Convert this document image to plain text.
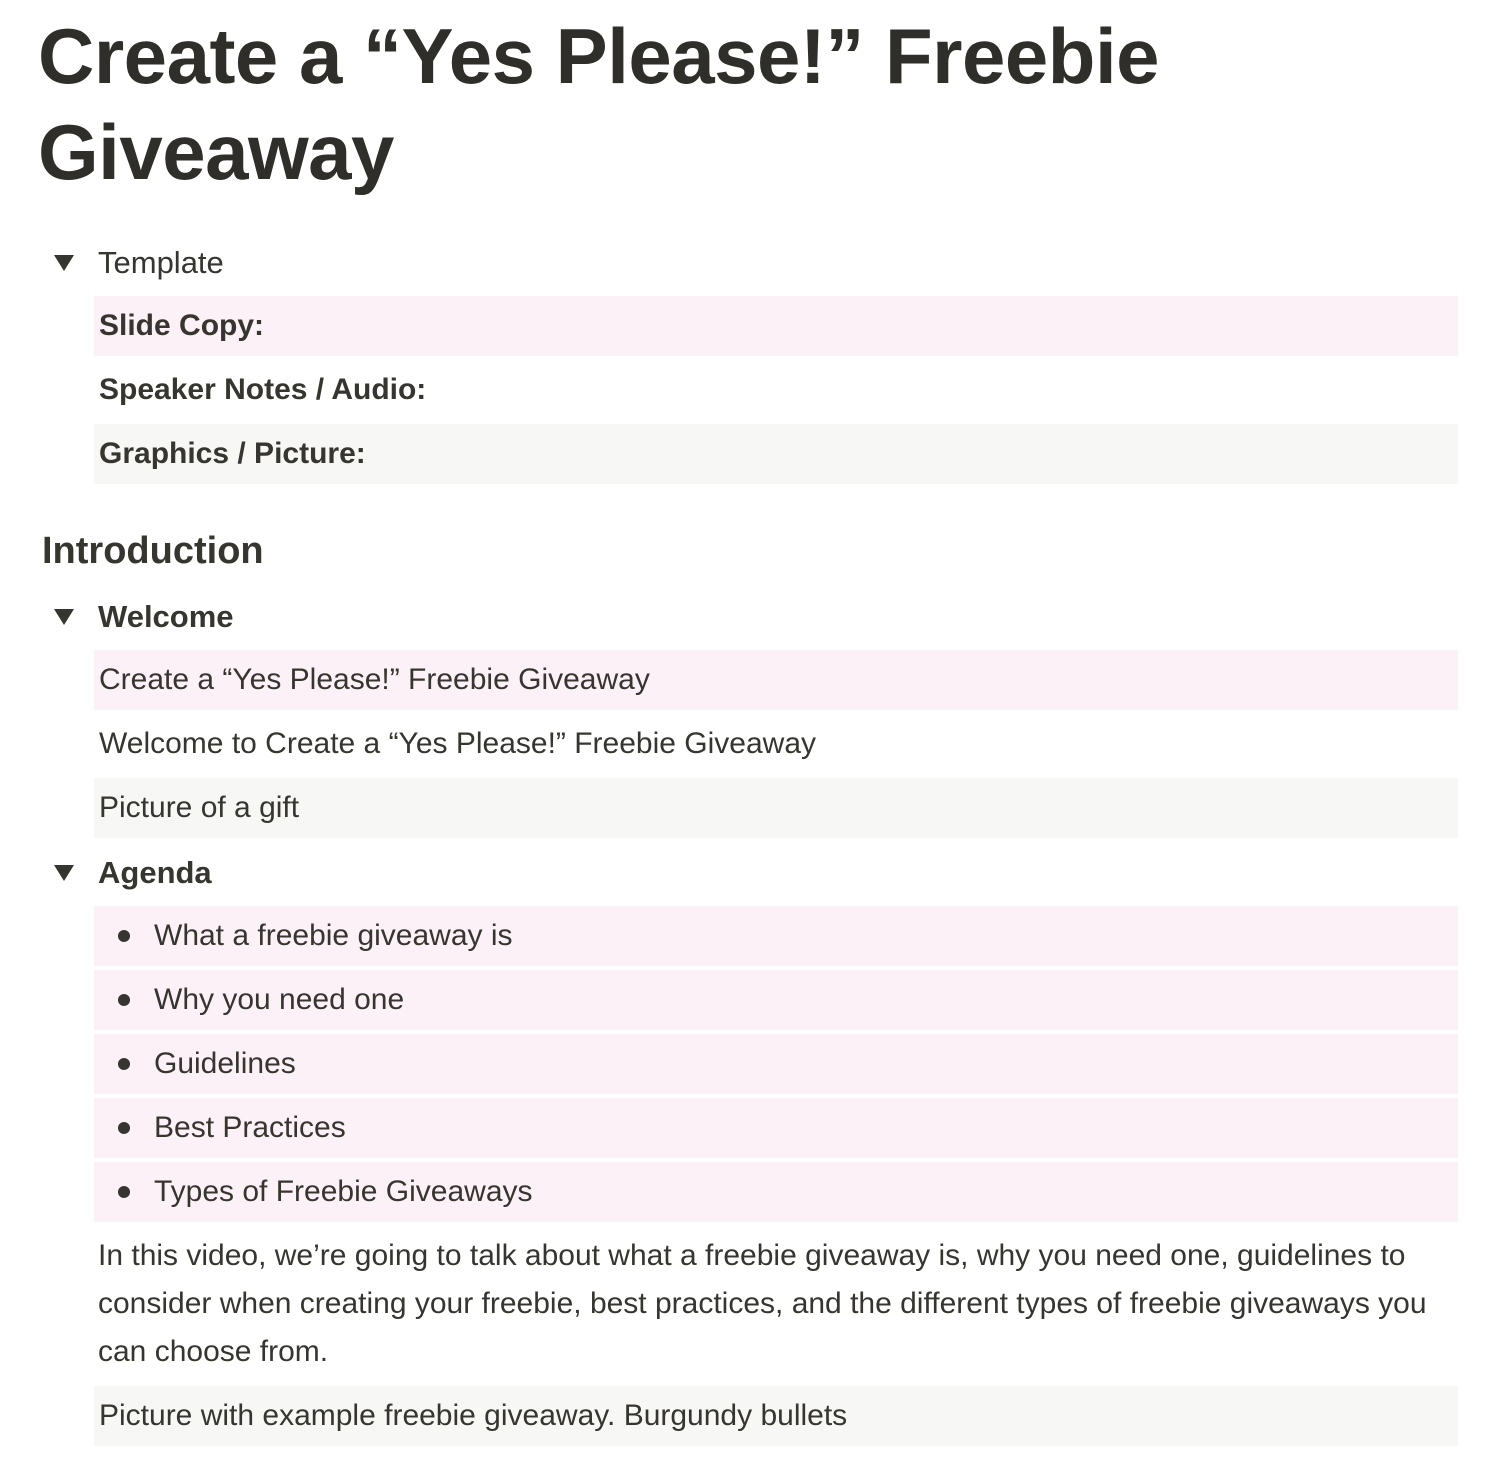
Create a “Yes Please!” Freebie Giveaway
Template
Slide Copy:
Speaker Notes / Audio:
Graphics / Picture:
Introduction
Welcome
Create a “Yes Please!” Freebie Giveaway
Welcome to Create a “Yes Please!” Freebie Giveaway
Picture of a gift
Agenda
What a freebie giveaway is
Why you need one
Guidelines
Best Practices
Types of Freebie Giveaways

In this video, we’re going to talk about what a freebie giveaway is, why you need one, guidelines to consider when creating your freebie, best practices, and the different types of freebie giveaways you can choose from.

Picture with example freebie giveaway. Burgundy bullets
